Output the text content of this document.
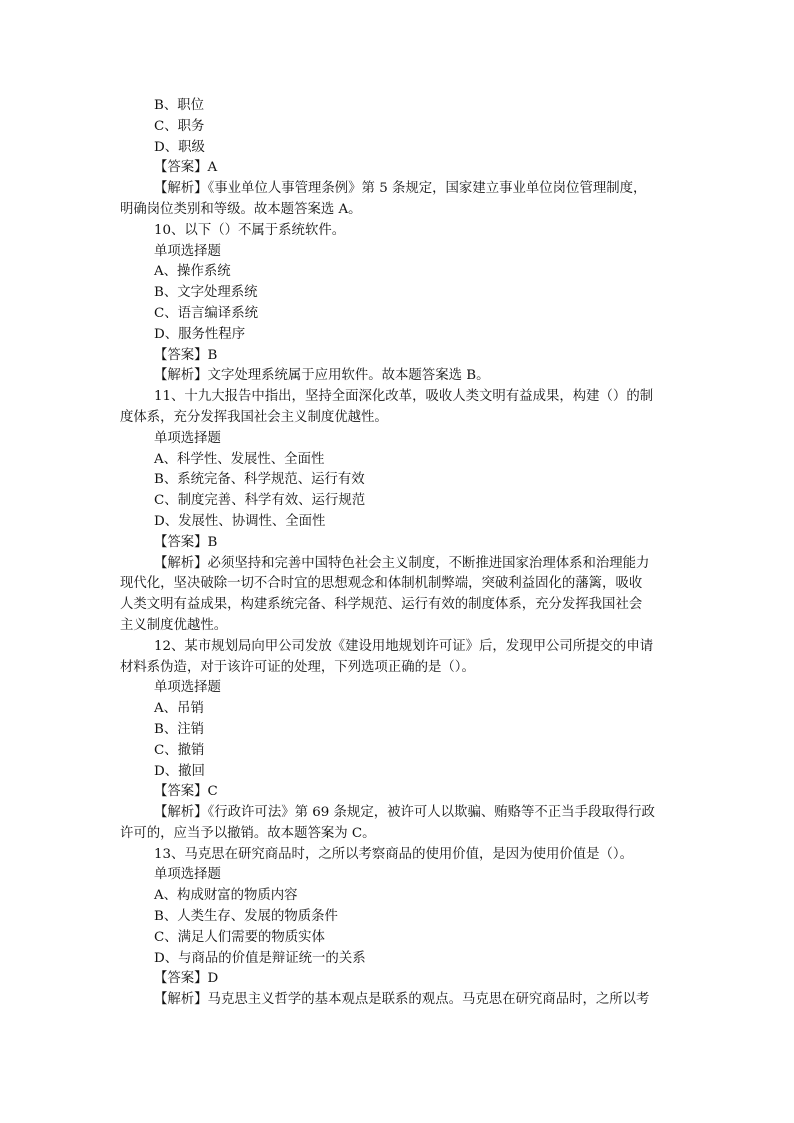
B、职位
C、职务
D、职级
【答案】A
【解析】《事业单位人事管理条例》第 5 条规定，国家建立事业单位岗位管理制度，
明确岗位类别和等级。故本题答案选 A。
10、以下（）不属于系统软件。
单项选择题
A、操作系统
B、文字处理系统
C、语言编译系统
D、服务性程序
【答案】B
【解析】文字处理系统属于应用软件。故本题答案选 B。
11、十九大报告中指出，坚持全面深化改革，吸收人类文明有益成果，构建（）的制
度体系，充分发挥我国社会主义制度优越性。
单项选择题
A、科学性、发展性、全面性
B、系统完备、科学规范、运行有效
C、制度完善、科学有效、运行规范
D、发展性、协调性、全面性
【答案】B
【解析】必须坚持和完善中国特色社会主义制度，不断推进国家治理体系和治理能力
现代化，坚决破除一切不合时宜的思想观念和体制机制弊端，突破利益固化的藩篱，吸收
人类文明有益成果，构建系统完备、科学规范、运行有效的制度体系，充分发挥我国社会
主义制度优越性。
12、某市规划局向甲公司发放《建设用地规划许可证》后，发现甲公司所提交的申请
材料系伪造，对于该许可证的处理，下列选项正确的是（）。
单项选择题
A、吊销
B、注销
C、撤销
D、撤回
【答案】C
【解析】《行政许可法》第 69 条规定，被许可人以欺骗、贿赂等不正当手段取得行政
许可的，应当予以撤销。故本题答案为 C。
13、马克思在研究商品时，之所以考察商品的使用价值，是因为使用价值是（）。
单项选择题
A、构成财富的物质内容
B、人类生存、发展的物质条件
C、满足人们需要的物质实体
D、与商品的价值是辩证统一的关系
【答案】D
【解析】马克思主义哲学的基本观点是联系的观点。马克思在研究商品时，之所以考
